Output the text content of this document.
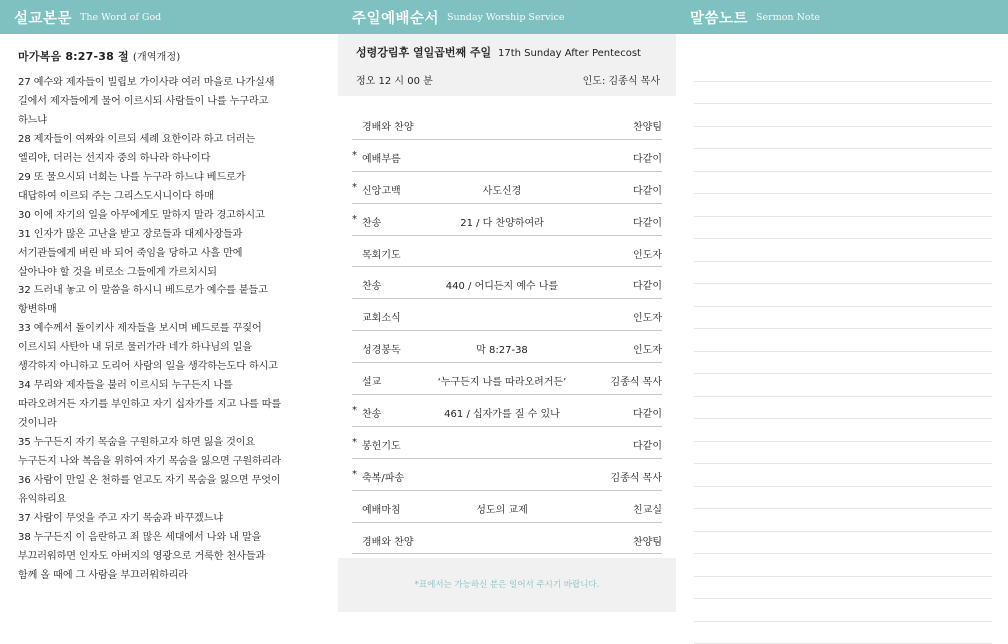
설교본문 The Word of God

마가복음 8:27-38 절 (개역개정)

27 예수와 제자들이 빌립보 가이사랴 여러 마을로 나가실새
길에서 제자들에게 물어 이르시되 사람들이 나를 누구라고
하느냐
28 제자들이 여짜와 이르되 세례 요한이라 하고 더러는
엘리야, 더러는 선지자 중의 하나라 하나이다
29 또 물으시되 너희는 나를 누구라 하느냐 베드로가
대답하여 이르되 주는 그리스도시니이다 하매
30 이에 자기의 일을 아무에게도 말하지 말라 경고하시고
31 인자가 많은 고난을 받고 장로들과 대제사장들과
서기관들에게 버린 바 되어 죽임을 당하고 사흘 만에
살아나야 할 것을 비로소 그들에게 가르치시되
32 드러내 놓고 이 말씀을 하시니 베드로가 예수를 붙들고
항변하매
33 예수께서 돌이키사 제자들을 보시며 베드로를 꾸짖어
이르시되 사탄아 내 뒤로 물러가라 네가 하나님의 일을
생각하지 아니하고 도리어 사람의 일을 생각하는도다 하시고
34 무리와 제자들을 불러 이르시되 누구든지 나를
따라오려거든 자기를 부인하고 자기 십자가를 지고 나를 따를
것이니라
35 누구든지 자기 목숨을 구원하고자 하면 잃을 것이요
누구든지 나와 복음을 위하여 자기 목숨을 잃으면 구원하리라
36 사람이 만일 온 천하를 얻고도 자기 목숨을 잃으면 무엇이
유익하리요
37 사람이 무엇을 주고 자기 목숨과 바꾸겠느냐
38 누구든지 이 음란하고 죄 많은 세대에서 나와 내 말을
부끄러워하면 인자도 아버지의 영광으로 거룩한 천사들과
함께 올 때에 그 사람을 부끄러워하리라
주일예배순서 Sunday Worship Service
성령강림후 열일곱번째 주일 17th Sunday After Pentecost
정오 12 시 00 분	인도: 김종식 목사
경배와 찬양	찬양팀
* 예배부름	다같이
* 신앙고백	사도신경	다같이
* 찬송	21 / 다 찬양하여라	다같이
목회기도	인도자
찬송	440 / 어디든지 예수 나를	다같이
교회소식	인도자
성경봉독	막 8:27-38	인도자
설교	‘누구든지 나를 따라오려거든’	김종식 목사
* 찬송	461 / 십자가를 질 수 있나	다같이
* 봉헌기도	다같이
* 축복/파송	김종식 목사
예배마침	성도의 교제	친교실
경배와 찬양	찬양팀
*표에서는 가능하신 분은 일어서 주시기 바랍니다.
말씀노트 Sermon Note
